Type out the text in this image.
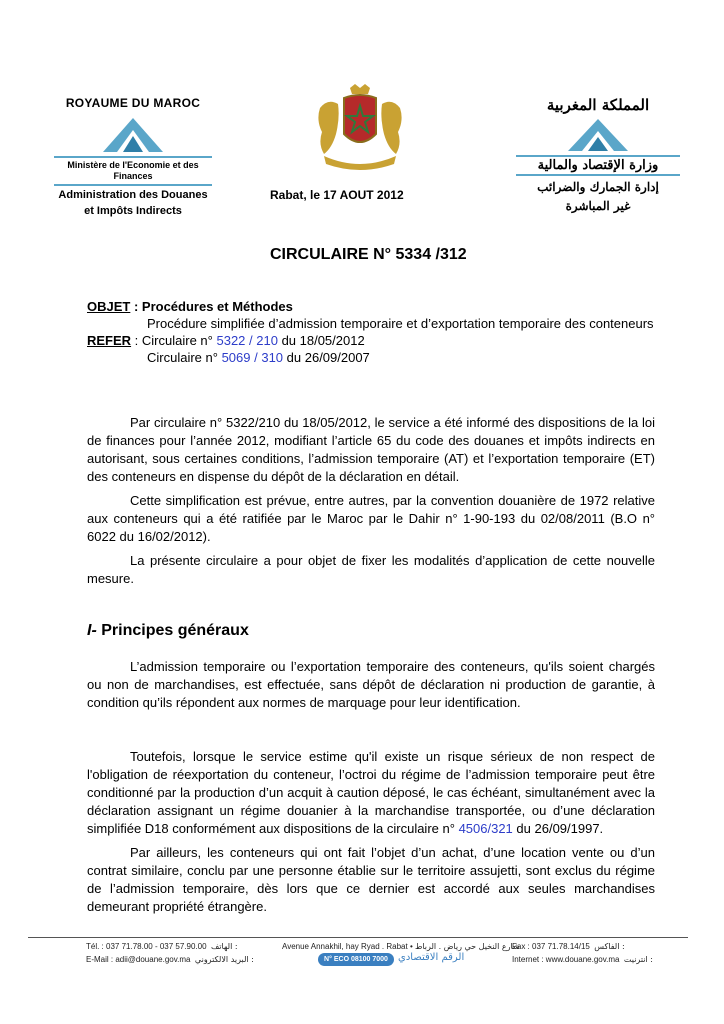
ROYAUME DU MAROC
Ministère de l'Economie et des Finances
Administration des Douanes
et Impôts Indirects
المملكة المغربية
وزارة الإقتصاد والمالية
إدارة الجمارك والضرائب
غير المباشرة
Rabat, le 17 AOUT 2012
CIRCULAIRE N° 5334 /312
OBJET : Procédures et Méthodes
Procédure simplifiée d’admission temporaire et d’exportation temporaire des conteneurs
REFER : Circulaire n° 5322 / 210 du 18/05/2012
Circulaire n° 5069 / 310 du 26/09/2007

Par circulaire n° 5322/210 du 18/05/2012, le service a été informé des dispositions de la loi de finances pour l’année 2012, modifiant l’article 65 du code des douanes et impôts indirects en autorisant, sous certaines conditions, l’admission temporaire (AT) et l’exportation temporaire (ET) des conteneurs en dispense du dépôt de la déclaration en détail.

Cette simplification est prévue, entre autres, par la convention douanière de 1972 relative aux conteneurs qui a été ratifiée par le Maroc par le Dahir n° 1-90-193 du 02/08/2011 (B.O n° 6022 du 16/02/2012).

La présente circulaire a pour objet de fixer les modalités d’application de cette nouvelle mesure.

I- Principes généraux

L’admission temporaire ou l’exportation temporaire des conteneurs, qu'ils soient chargés ou non de marchandises, est effectuée, sans dépôt de déclaration ni production de garantie, à condition qu’ils répondent aux normes de marquage pour leur identification.

Toutefois, lorsque le service estime qu'il existe un risque sérieux de non respect de l'obligation de réexportation du conteneur, l’octroi du régime de l’admission temporaire peut être conditionné par la production d’un acquit à caution déposé, le cas échéant, simultanément avec la déclaration assignant un régime douanier à la marchandise transportée, ou d’une déclaration simplifiée D18 conformément aux dispositions de la circulaire n° 4506/321 du 26/09/1997.

Par ailleurs, les conteneurs qui ont fait l’objet d’un achat, d’une location vente ou d’un contrat similaire, conclu par une personne établie sur le territoire assujetti, sont exclus du régime de l’admission temporaire, dès lors que ce dernier est accordé aux seules marchandises demeurant propriété étrangère.

Tél. : 037 71.78.00 - 037 57.90.00 الهاتف :
E-Mail : adii@douane.gov.ma البريد الالكتروني :
Avenue Annakhil, hay Ryad . Rabat • شارع النخيل حي رياض . الرباط
N° ECO 08100 7000	الرقم الاقتصادي
Fax : 037 71.78.14/15 الفاكس :
Internet : www.douane.gov.ma انترنيت :
